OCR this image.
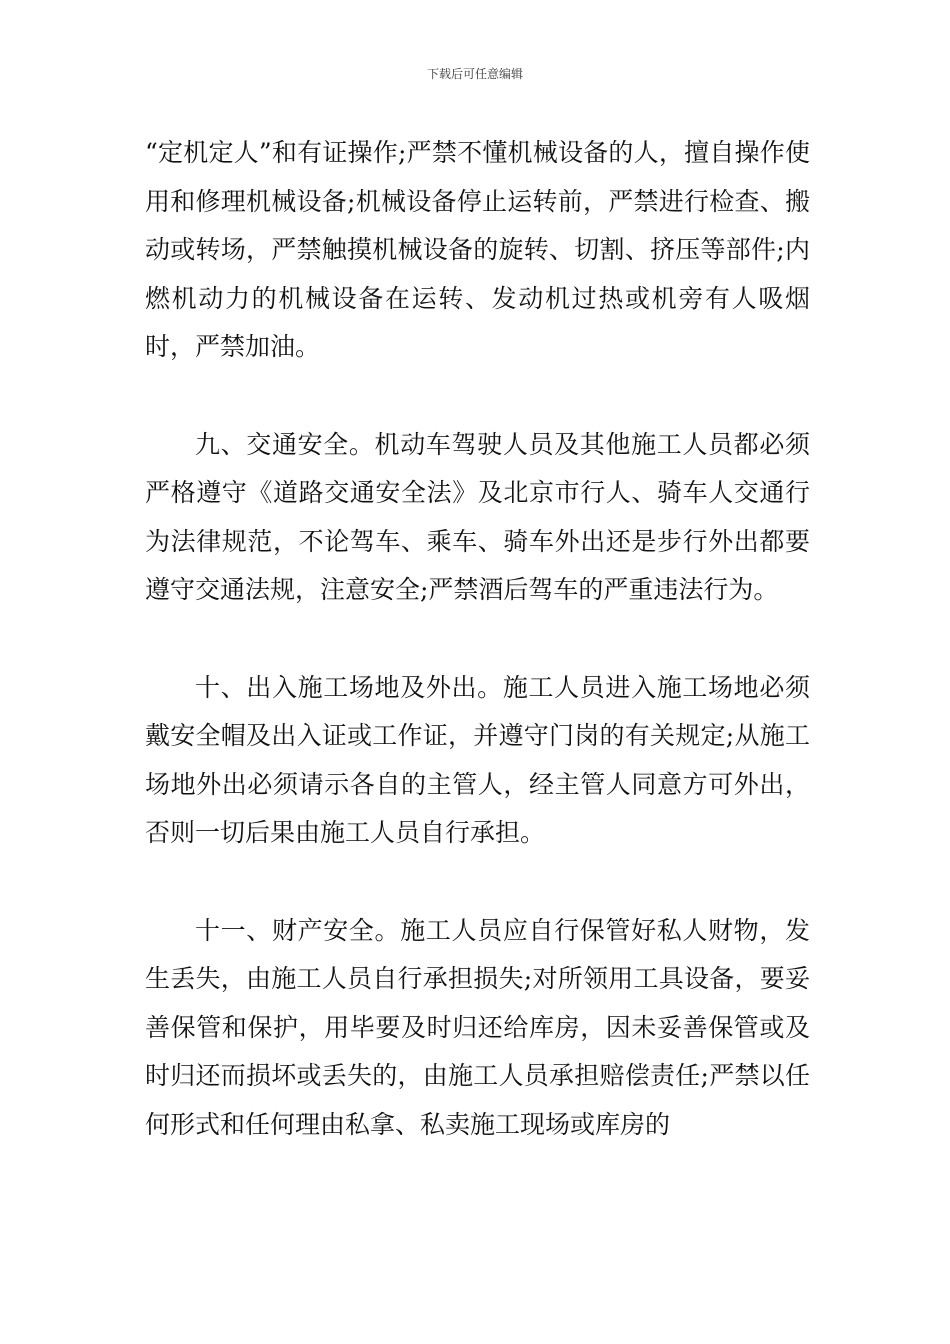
下载后可任意编辑

“定机定人”和有证操作;严禁不懂机械设备的人，擅自操作使用和修理机械设备;机械设备停止运转前，严禁进行检查、搬动或转场，严禁触摸机械设备的旋转、切割、挤压等部件;内燃机动力的机械设备在运转、发动机过热或机旁有人吸烟时，严禁加油。

九、交通安全。机动车驾驶人员及其他施工人员都必须严格遵守《道路交通安全法》及北京市行人、骑车人交通行为法律规范，不论驾车、乘车、骑车外出还是步行外出都要遵守交通法规，注意安全;严禁酒后驾车的严重违法行为。

十、出入施工场地及外出。施工人员进入施工场地必须戴安全帽及出入证或工作证，并遵守门岗的有关规定;从施工场地外出必须请示各自的主管人，经主管人同意方可外出，否则一切后果由施工人员自行承担。

十一、财产安全。施工人员应自行保管好私人财物，发生丢失，由施工人员自行承担损失;对所领用工具设备，要妥善保管和保护，用毕要及时归还给库房，因未妥善保管或及时归还而损坏或丢失的，由施工人员承担赔偿责任;严禁以任何形式和任何理由私拿、私卖施工现场或库房的
